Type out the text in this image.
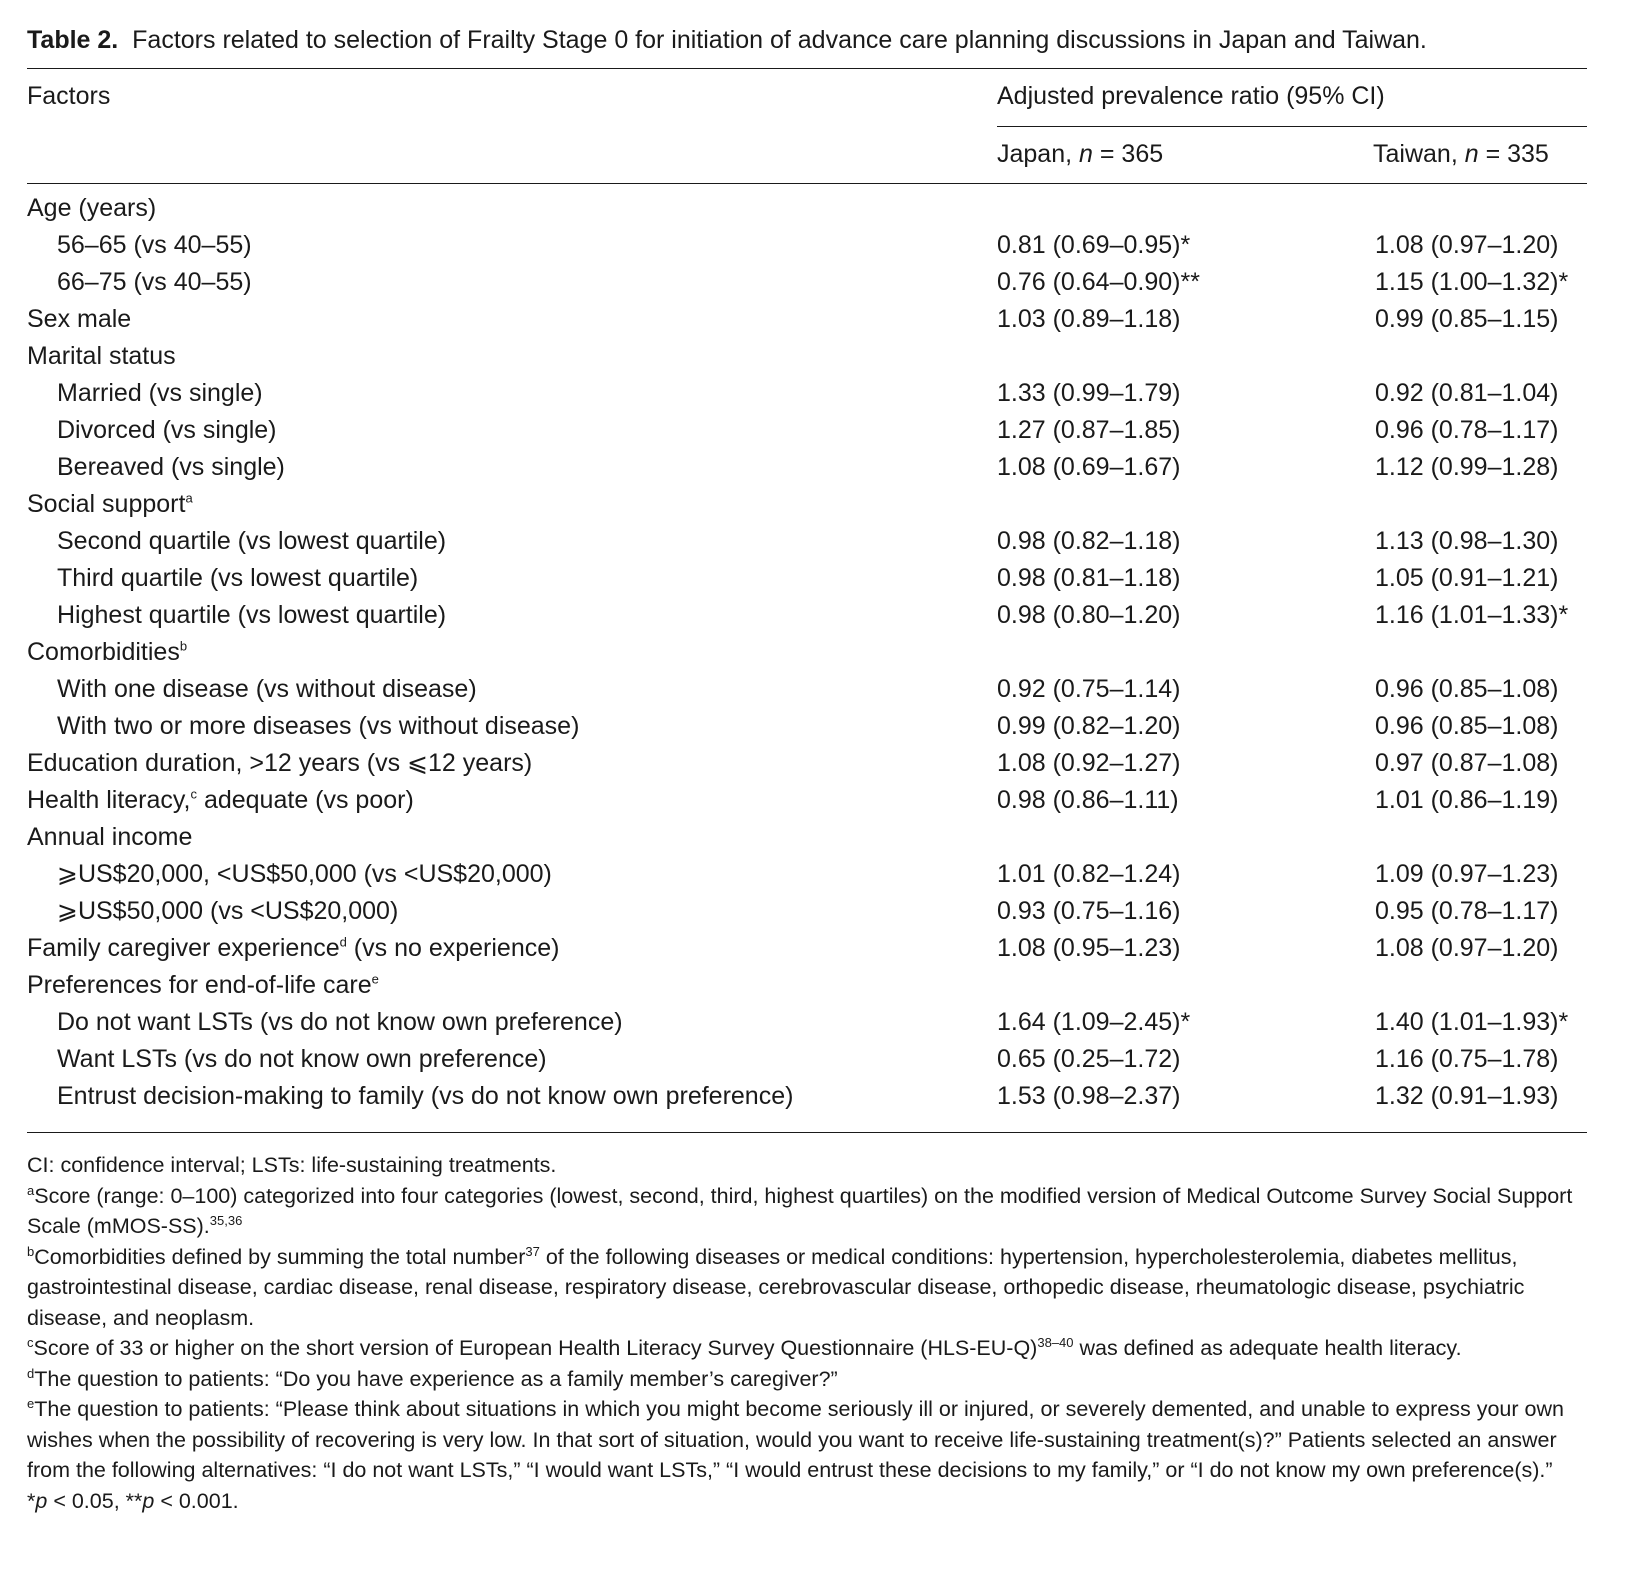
Table 2. Factors related to selection of Frailty Stage 0 for initiation of advance care planning discussions in Japan and Taiwan.
Factors	Adjusted prevalence ratio (95% CI)
Japan, n = 365	Taiwan, n = 335
Age (years)		
56–65 (vs 40–55)	0.81 (0.69–0.95)*	1.08 (0.97–1.20)
66–75 (vs 40–55)	0.76 (0.64–0.90)**	1.15 (1.00–1.32)*
Sex male	1.03 (0.89–1.18)	0.99 (0.85–1.15)
Marital status		
Married (vs single)	1.33 (0.99–1.79)	0.92 (0.81–1.04)
Divorced (vs single)	1.27 (0.87–1.85)	0.96 (0.78–1.17)
Bereaved (vs single)	1.08 (0.69–1.67)	1.12 (0.99–1.28)
Social support$^a$		
Second quartile (vs lowest quartile)	0.98 (0.82–1.18)	1.13 (0.98–1.30)
Third quartile (vs lowest quartile)	0.98 (0.81–1.18)	1.05 (0.91–1.21)
Highest quartile (vs lowest quartile)	0.98 (0.80–1.20)	1.16 (1.01–1.33)*
Comorbidities$^b$		
With one disease (vs without disease)	0.92 (0.75–1.14)	0.96 (0.85–1.08)
With two or more diseases (vs without disease)	0.99 (0.82–1.20)	0.96 (0.85–1.08)
Education duration, >12 years (vs ⩽12 years)	1.08 (0.92–1.27)	0.97 (0.87–1.08)
Health literacy,$^c$ adequate (vs poor)	0.98 (0.86–1.11)	1.01 (0.86–1.19)
Annual income		
⩾US$20,000, <US$50,000 (vs <US$20,000)	1.01 (0.82–1.24)	1.09 (0.97–1.23)
⩾US$50,000 (vs <US$20,000)	0.93 (0.75–1.16)	0.95 (0.78–1.17)
Family caregiver experience$^d$ (vs no experience)	1.08 (0.95–1.23)	1.08 (0.97–1.20)
Preferences for end-of-life care$^e$		
Do not want LSTs (vs do not know own preference)	1.64 (1.09–2.45)*	1.40 (1.01–1.93)*
Want LSTs (vs do not know own preference)	0.65 (0.25–1.72)	1.16 (0.75–1.78)
Entrust decision-making to family (vs do not know own preference)	1.53 (0.98–2.37)	1.32 (0.91–1.93)

CI: confidence interval; LSTs: life-sustaining treatments.

$^a$Score (range: 0–100) categorized into four categories (lowest, second, third, highest quartiles) on the modified version of Medical Outcome Survey Social Support Scale (mMOS-SS).$^{35,36}$

$^b$Comorbidities defined by summing the total number$^{37}$ of the following diseases or medical conditions: hypertension, hypercholesterolemia, diabetes mellitus, gastrointestinal disease, cardiac disease, renal disease, respiratory disease, cerebrovascular disease, orthopedic disease, rheumatologic disease, psychiatric disease, and neoplasm.

$^c$Score of 33 or higher on the short version of European Health Literacy Survey Questionnaire $(HLS-EU-Q)^{38-40}$ was defined as adequate health literacy.

$^d$The question to patients: “Do you have experience as a family member’s caregiver?”

$^e$The question to patients: “Please think about situations in which you might become seriously ill or injured, or severely demented, and unable to express your own wishes when the possibility of recovering is very low. In that sort of situation, would you want to receive life-sustaining treatment(s)?” Patients selected an answer from the following alternatives: “I do not want LSTs,” “I would want LSTs,” “I would entrust these decisions to my family,” or “I do not know my own preference(s).”

*p < 0.05, **p < 0.001.
